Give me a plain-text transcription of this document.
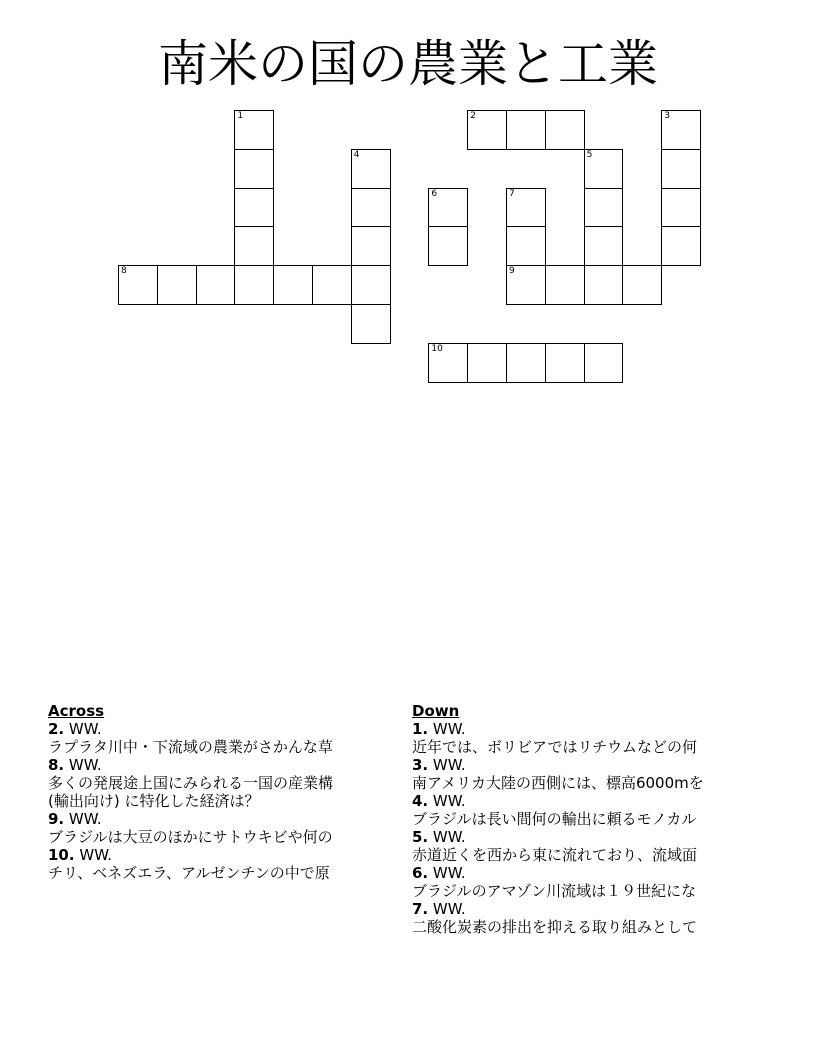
南米の国の農業と工業
1	2	3
4	5
6	7
8	9
10
Across
2. WW.
ラプラタ川中・下流域の農業がさかんな草
8. WW.
多くの発展途上国にみられる一国の産業構
(輸出向け) に特化した経済は？
9. WW.
ブラジルは大豆のほかにサトウキビや何の
10. WW.
チリ、ベネズエラ、アルゼンチンの中で原
Down
1. WW.
近年では、ボリビアではリチウムなどの何
3. WW.
南アメリカ大陸の西側には、標高6000mを
4. WW.
ブラジルは長い間何の輸出に頼るモノカル
5. WW.
赤道近くを西から東に流れており、流域面
6. WW.
ブラジルのアマゾン川流域は１９世紀にな
7. WW.
二酸化炭素の排出を抑える取り組みとして
